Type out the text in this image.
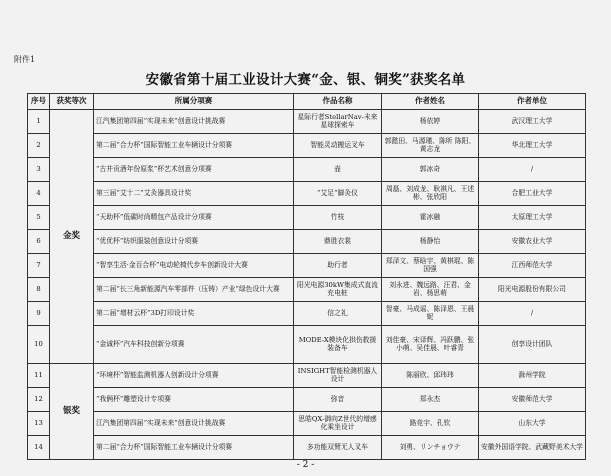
附件1
安徽省第十届工业设计大赛“金、银、铜奖”获奖名单
序号	获奖等次	所属分项赛	作品名称	作者姓名	作者单位
1	金奖	江汽集团第四届“实现未来”创意设计挑战赛	星际行者StellarNav-未来星球探索车	杨依婷	武汉理工大学
2		第二届“合力杯”国际智能工业车辆设计分项赛	智能灵动搬运叉车	郭懿田、马源瑾、陈昕 陈阳、黄志龙	华北理工大学
3		“古井贡酒年份原浆”杯艺术创意分项赛	壶	郭冰奇	/
4		第三届“艾十二”艾灸器具设计奖	“艾足”脚灸仪	周磊、刘成龙、耿祺凡、王述彬、张欣阳	合肥工业大学
5		“天助杯”低碳时尚精包产品设计分项赛	竹枝	霍冰融	太原理工大学
6		“优优杯”纺织服装创意设计分项赛	鼎胜衣裳	杨静怡	安徽农业大学
7		“智享生活·金百合杯”电动轮椅代步车创新设计大赛	助行者	郑泽文、蔡晗宇、黄棋琨、陈国强	江西师范大学
8		第二届“长三角新能源汽车零部件（压铸）产业”绿色设计大赛	阳光电源30kW集成式直流充电桩	刘永进、魏远路、汪君、金岩、杨思萌	阳光电源股份有限公司
9		第二届“增材云杯”3D打印设计奖	信之礼	智豪、马成谣、陈泽恩、王晨妮	/
10		“金诚杯”汽车科技创新分项赛	MODE-X模块化拱伤救援装备车	刘佳豪、宋译辉、冯跃鹏、张小萌、吴佳晨、叶睿青	创享设计团队
11	银奖	“环境杯”智能监测机器人创新设计分项赛	INSIGHT智能检测机器人设计	陈丽欣、邱玮玮	滁州学院
12		“我俩杯”雕塑设计专项赛	弥音	郑永杰	安徽师范大学
13		江汽集团第四届“实现未来”创意设计挑战赛	思皓QX-御向Z世代的增感化乘坐设计	路竞宇、孔钦	山东大学
14		第二届“合力杯”国际智能工业车辆设计分项赛	多功能双臂无人叉车	刘勇、リンチョウテ	安徽外国语学院、武藏野美术大学
- 2 -
